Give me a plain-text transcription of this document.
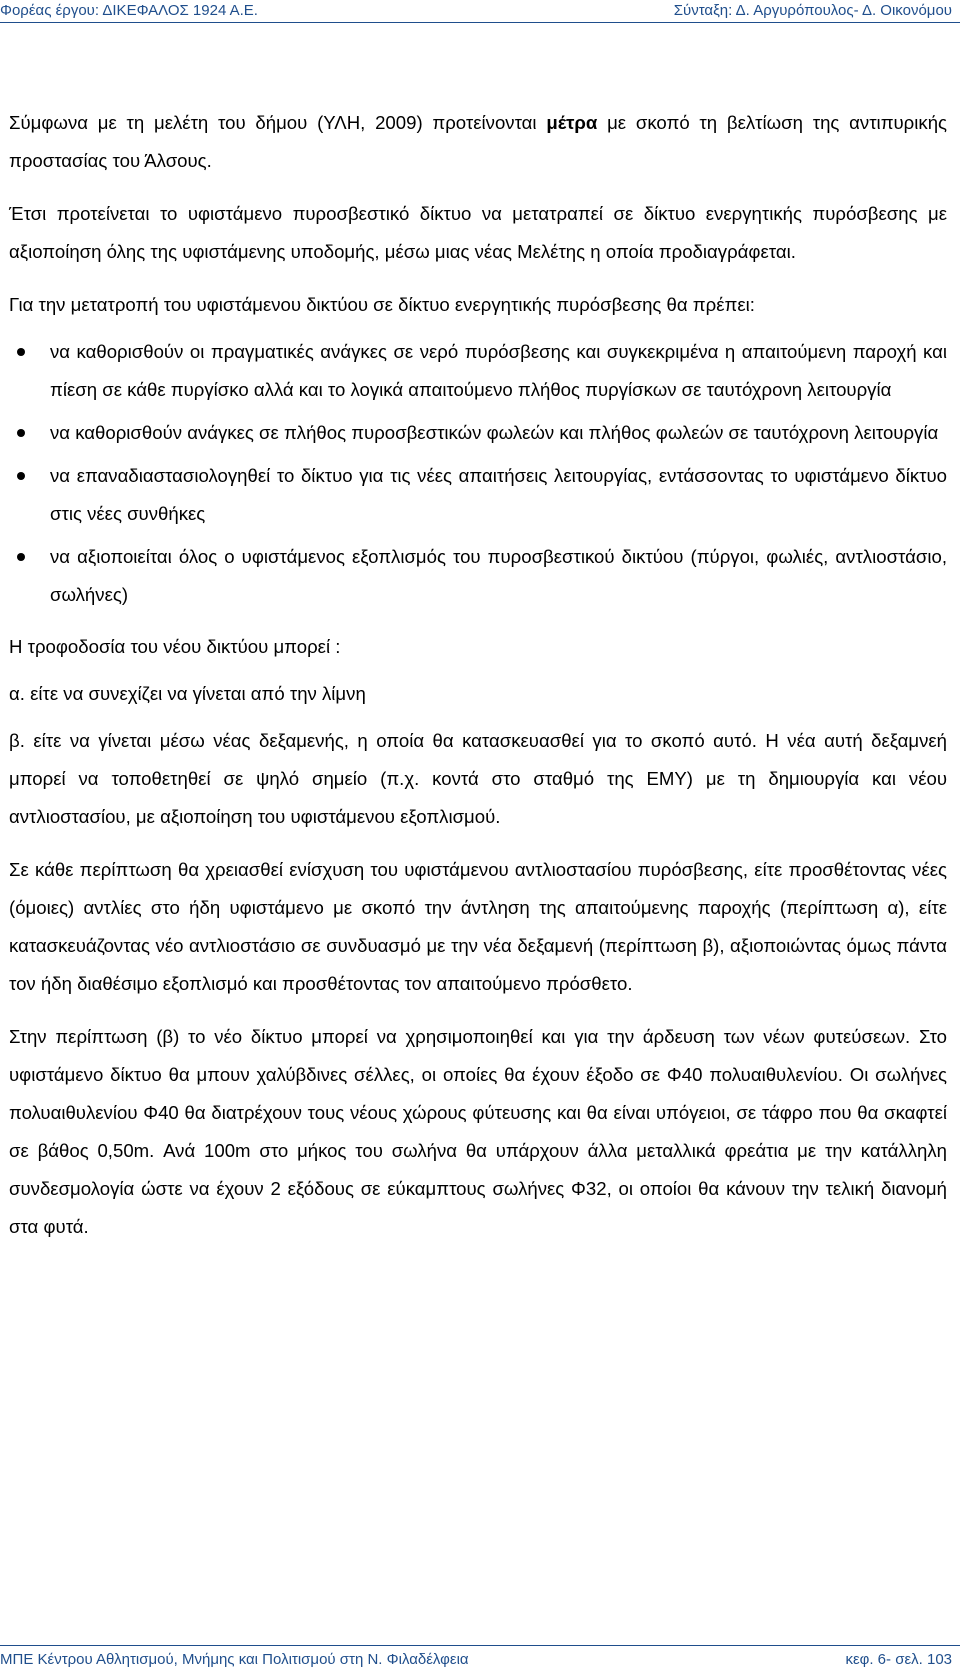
Φορέας έργου: ΔΙΚΕΦΑΛΟΣ 1924 Α.Ε.	Σύνταξη: Δ. Αργυρόπουλος- Δ. Οικονόμου

Σύμφωνα με τη μελέτη του δήμου (ΥΛΗ, 2009) προτείνονται μέτρα με σκοπό τη βελτίωση της αντιπυρικής προστασίας του Άλσους.

Έτσι προτείνεται το υφιστάμενο πυροσβεστικό δίκτυο να μετατραπεί σε δίκτυο ενεργητικής πυρόσβεσης με αξιοποίηση όλης της υφιστάμενης υποδομής, μέσω μιας νέας Μελέτης η οποία προδιαγράφεται.

Για την μετατροπή του υφιστάμενου δικτύου σε δίκτυο ενεργητικής πυρόσβεσης θα πρέπει:

να καθορισθούν οι πραγματικές ανάγκες σε νερό πυρόσβεσης και συγκεκριμένα η απαιτούμενη παροχή και πίεση σε κάθε πυργίσκο αλλά και το λογικά απαιτούμενο πλήθος πυργίσκων σε ταυτόχρονη λειτουργία
να καθορισθούν ανάγκες σε πλήθος πυροσβεστικών φωλεών και πλήθος φωλεών σε ταυτόχρονη λειτουργία
να επαναδιαστασιολογηθεί το δίκτυο για τις νέες απαιτήσεις λειτουργίας, εντάσσοντας το υφιστάμενο δίκτυο στις νέες συνθήκες
να αξιοποιείται όλος ο υφιστάμενος εξοπλισμός του πυροσβεστικού δικτύου (πύργοι, φωλιές, αντλιοστάσιο, σωλήνες)

Η τροφοδοσία του νέου δικτύου μπορεί :

α. είτε να συνεχίζει να γίνεται από την λίμνη

β. είτε να γίνεται μέσω νέας δεξαμενής, η οποία θα κατασκευασθεί για το σκοπό αυτό. Η νέα αυτή δεξαμνεή μπορεί να τοποθετηθεί σε ψηλό σημείο (π.χ. κοντά στο σταθμό της ΕΜΥ) με τη δημιουργία και νέου αντλιοστασίου, με αξιοποίηση του υφιστάμενου εξοπλισμού.

Σε κάθε περίπτωση θα χρειασθεί ενίσχυση του υφιστάμενου αντλιοστασίου πυρόσβεσης, είτε προσθέτοντας νέες (όμοιες) αντλίες στο ήδη υφιστάμενο με σκοπό την άντληση της απαιτούμενης παροχής (περίπτωση α), είτε κατασκευάζοντας νέο αντλιοστάσιο σε συνδυασμό με την νέα δεξαμενή (περίπτωση β), αξιοποιώντας όμως πάντα τον ήδη διαθέσιμο εξοπλισμό και προσθέτοντας τον απαιτούμενο πρόσθετο.

Στην περίπτωση (β) το νέο δίκτυο μπορεί να χρησιμοποιηθεί και για την άρδευση των νέων φυτεύσεων. Στο υφιστάμενο δίκτυο θα μπουν χαλύβδινες σέλλες, οι οποίες θα έχουν έξοδο σε Φ40 πολυαιθυλενίου. Οι σωλήνες πολυαιθυλενίου Φ40 θα διατρέχουν τους νέους χώρους φύτευσης και θα είναι υπόγειοι, σε τάφρο που θα σκαφτεί σε βάθος 0,50m. Ανά 100m στο μήκος του σωλήνα θα υπάρχουν άλλα μεταλλικά φρεάτια με την κατάλληλη συνδεσμολογία ώστε να έχουν 2 εξόδους σε εύκαμπτους σωλήνες Φ32, οι οποίοι θα κάνουν την τελική διανομή στα φυτά.

ΜΠΕ Κέντρου Αθλητισμού, Μνήμης και Πολιτισμού στη Ν. Φιλαδέλφεια	κεφ. 6- σελ. 103
